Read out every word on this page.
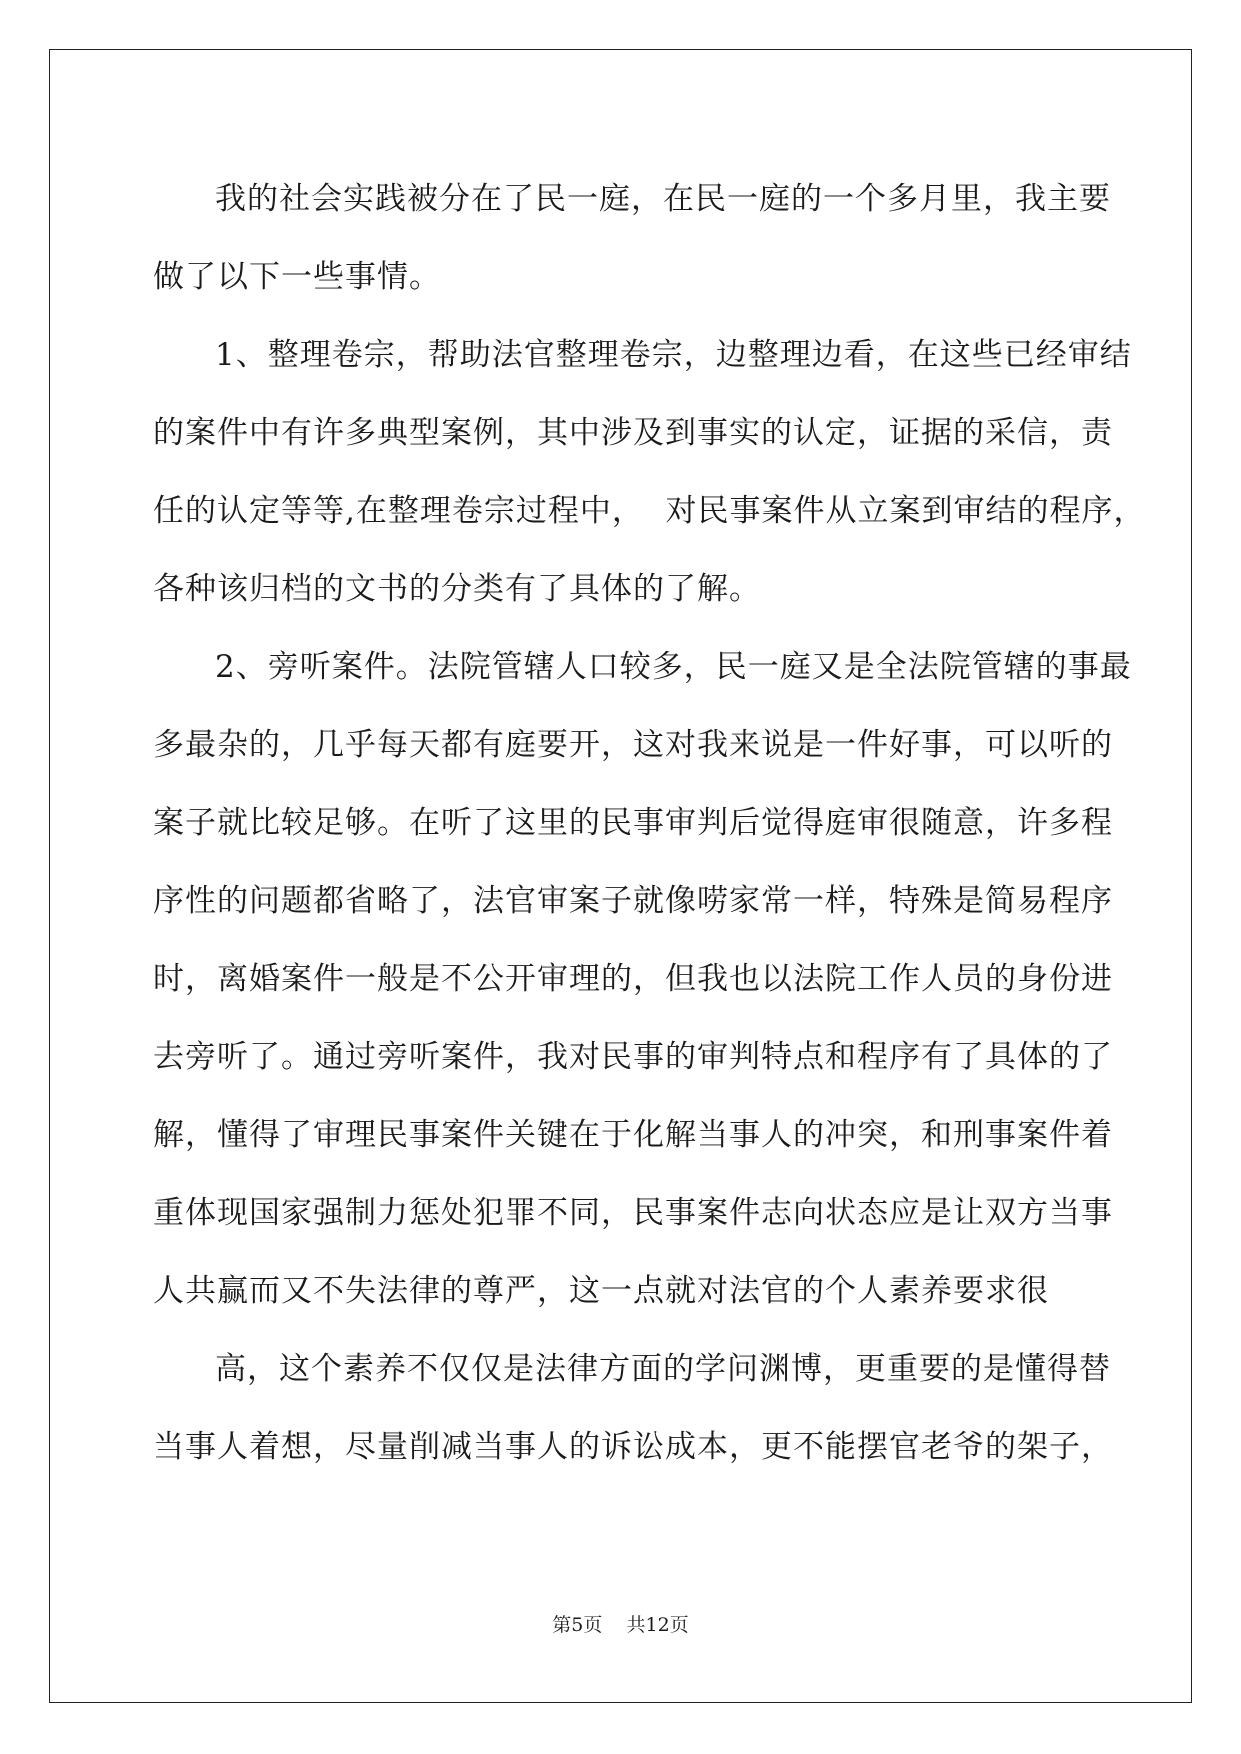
我的社会实践被分在了民一庭，在民一庭的一个多月里，我主要
做了以下一些事情。
1、整理卷宗，帮助法官整理卷宗，边整理边看，在这些已经审结
的案件中有许多典型案例，其中涉及到事实的认定，证据的采信，责
任的认定等等,在整理卷宗过程中，  对民事案件从立案到审结的程序，
各种该归档的文书的分类有了具体的了解。
2、旁听案件。法院管辖人口较多，民一庭又是全法院管辖的事最
多最杂的，几乎每天都有庭要开，这对我来说是一件好事，可以听的
案子就比较足够。在听了这里的民事审判后觉得庭审很随意，许多程
序性的问题都省略了，法官审案子就像唠家常一样，特殊是简易程序
时，离婚案件一般是不公开审理的，但我也以法院工作人员的身份进
去旁听了。通过旁听案件，我对民事的审判特点和程序有了具体的了
解，懂得了审理民事案件关键在于化解当事人的冲突，和刑事案件着
重体现国家强制力惩处犯罪不同，民事案件志向状态应是让双方当事
人共赢而又不失法律的尊严，这一点就对法官的个人素养要求很
高，这个素养不仅仅是法律方面的学问渊博，更重要的是懂得替
当事人着想，尽量削减当事人的诉讼成本，更不能摆官老爷的架子，
第5页 共12页
